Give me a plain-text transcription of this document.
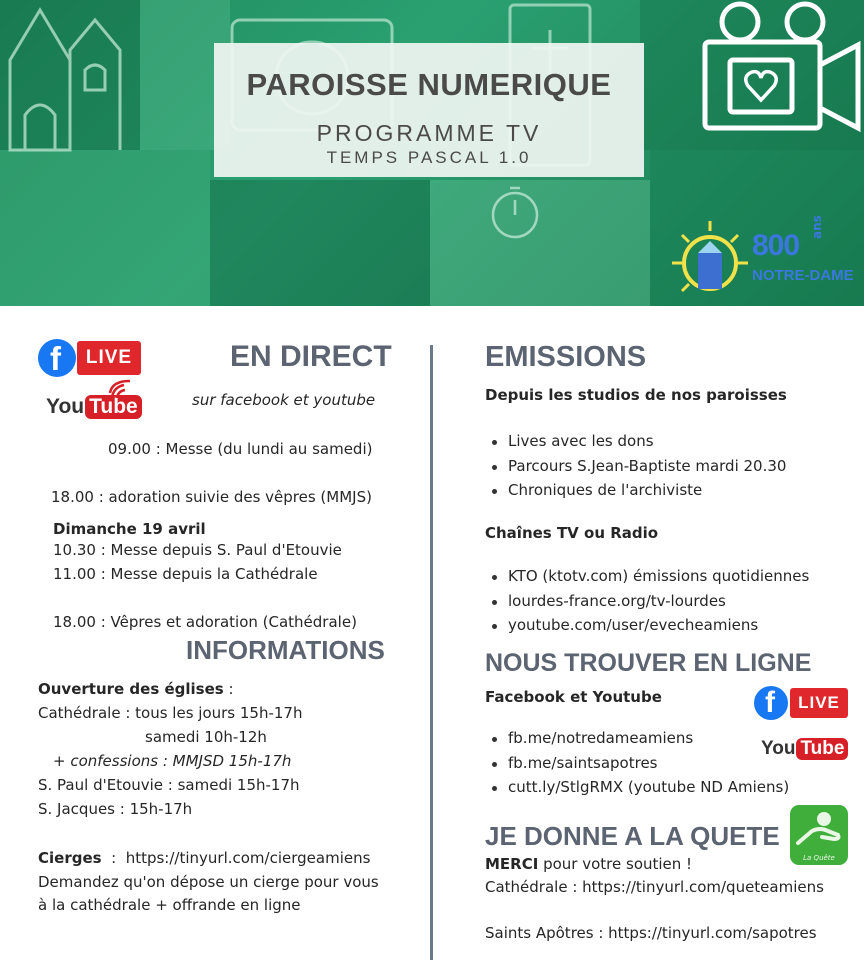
PAROISSE NUMERIQUE
PROGRAMME TV
TEMPS PASCAL 1.0
800
ans
NOTRE-DAME
f	LIVE
You Tube
EN DIRECT
sur facebook et youtube
09.00 : Messe (du lundi au samedi)
18.00 : adoration suivie des vêpres (MMJS)
Dimanche 19 avril
10.30 : Messe depuis S. Paul d'Etouvie
11.00 : Messe depuis la Cathédrale
18.00 : Vêpres et adoration (Cathédrale)
INFORMATIONS
Ouverture des églises :
Cathédrale : tous les jours 15h-17h
samedi 10h-12h
+ confessions : MMJSD 15h-17h
S. Paul d'Etouvie : samedi 15h-17h
S. Jacques : 15h-17h
Cierges  :  https://tinyurl.com/ciergeamiens
Demandez qu'on dépose un cierge pour vous
à la cathédrale + offrande en ligne
EMISSIONS
Depuis les studios de nos paroisses
Lives avec les dons
Parcours S.Jean-Baptiste mardi 20.30
Chroniques de l'archiviste
Chaînes TV ou Radio
KTO (ktotv.com) émissions quotidiennes
lourdes-france.org/tv-lourdes
youtube.com/user/evecheamiens
NOUS TROUVER EN LIGNE
Facebook et Youtube	f	LIVE
You Tube
fb.me/notredameamiens
fb.me/saintsapotres
cutt.ly/StlgRMX (youtube ND Amiens)
JE DONNE A LA QUETE
La Quête
MERCI pour votre soutien !
Cathédrale : https://tinyurl.com/queteamiens
Saints Apôtres : https://tinyurl.com/sapotres
